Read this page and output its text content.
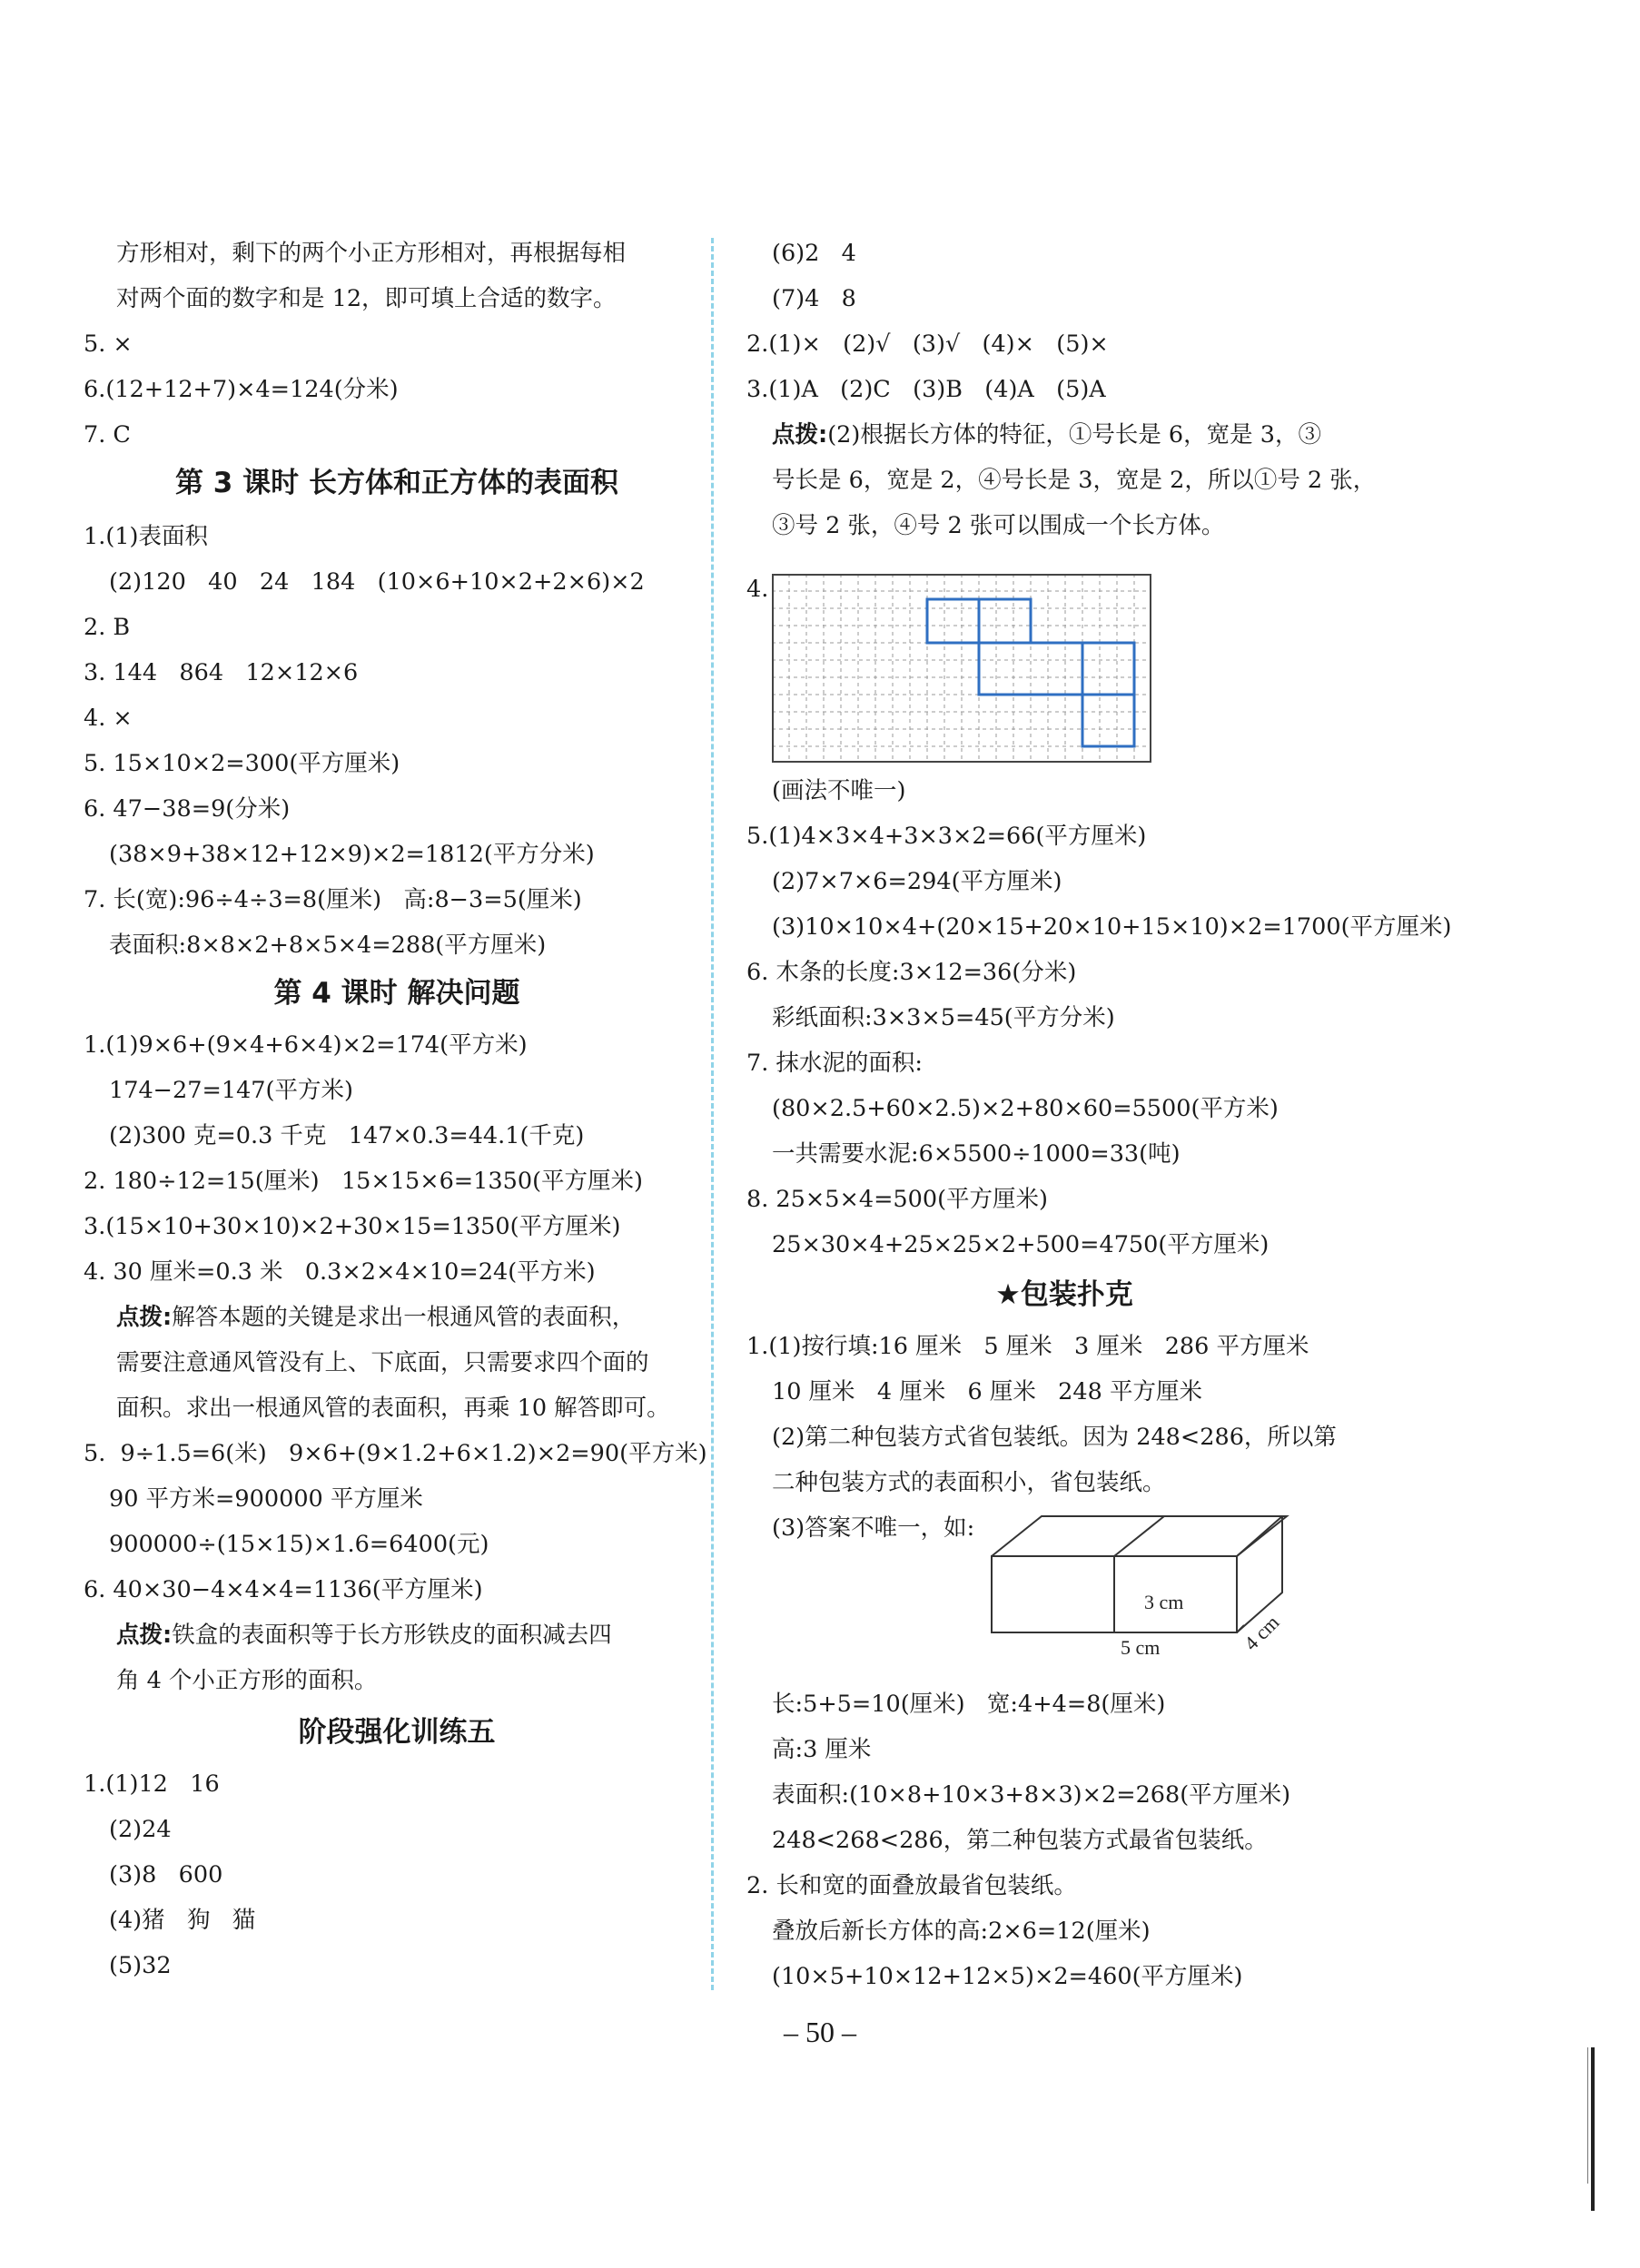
方形相对，剩下的两个小正方形相对，再根据每相
对两个面的数字和是 12，即可填上合适的数字。
5. ×
6.(12+12+7)×4=124(分米)
7. C
第 3 课时 长方体和正方体的表面积
1.(1)表面积
(2)120   40   24   184   (10×6+10×2+2×6)×2
2. B
3. 144   864   12×12×6
4. ×
5. 15×10×2=300(平方厘米)
6. 47−38=9(分米)
(38×9+38×12+12×9)×2=1812(平方分米)
7. 长(宽):96÷4÷3=8(厘米)   高:8−3=5(厘米)
表面积:8×8×2+8×5×4=288(平方厘米)
第 4 课时 解决问题
1.(1)9×6+(9×4+6×4)×2=174(平方米)
174−27=147(平方米)
(2)300 克=0.3 千克   147×0.3=44.1(千克)
2. 180÷12=15(厘米)   15×15×6=1350(平方厘米)
3.(15×10+30×10)×2+30×15=1350(平方厘米)
4. 30 厘米=0.3 米   0.3×2×4×10=24(平方米)
点拨:解答本题的关键是求出一根通风管的表面积，
需要注意通风管没有上、下底面，只需要求四个面的
面积。求出一根通风管的表面积，再乘 10 解答即可。
5.  9÷1.5=6(米)   9×6+(9×1.2+6×1.2)×2=90(平方米)
90 平方米=900000 平方厘米
900000÷(15×15)×1.6=6400(元)
6. 40×30−4×4×4=1136(平方厘米)
点拨:铁盒的表面积等于长方形铁皮的面积减去四
角 4 个小正方形的面积。
阶段强化训练五
1.(1)12   16
(2)24
(3)8   600
(4)猪   狗   猫
(5)32
(6)2   4
(7)4   8
2.(1)×   (2)√   (3)√   (4)×   (5)×
3.(1)A   (2)C   (3)B   (4)A   (5)A
点拨:(2)根据长方体的特征，①号长是 6，宽是 3，③
号长是 6，宽是 2，④号长是 3，宽是 2，所以①号 2 张，
③号 2 张，④号 2 张可以围成一个长方体。
4.
(画法不唯一)
5.(1)4×3×4+3×3×2=66(平方厘米)
(2)7×7×6=294(平方厘米)
(3)10×10×4+(20×15+20×10+15×10)×2=1700(平方厘米)
6. 木条的长度:3×12=36(分米)
彩纸面积:3×3×5=45(平方分米)
7. 抹水泥的面积:
(80×2.5+60×2.5)×2+80×60=5500(平方米)
一共需要水泥:6×5500÷1000=33(吨)
8. 25×5×4=500(平方厘米)
25×30×4+25×25×2+500=4750(平方厘米)
★包装扑克
1.(1)按行填:16 厘米   5 厘米   3 厘米   286 平方厘米
10 厘米   4 厘米   6 厘米   248 平方厘米
(2)第二种包装方式省包装纸。因为 248<286，所以第
二种包装方式的表面积小，省包装纸。
(3)答案不唯一，如:
3 cm
5 cm	4 cm
长:5+5=10(厘米)   宽:4+4=8(厘米)
高:3 厘米
表面积:(10×8+10×3+8×3)×2=268(平方厘米)
248<268<286，第二种包装方式最省包装纸。
2. 长和宽的面叠放最省包装纸。
叠放后新长方体的高:2×6=12(厘米)
(10×5+10×12+12×5)×2=460(平方厘米)
– 50 –
